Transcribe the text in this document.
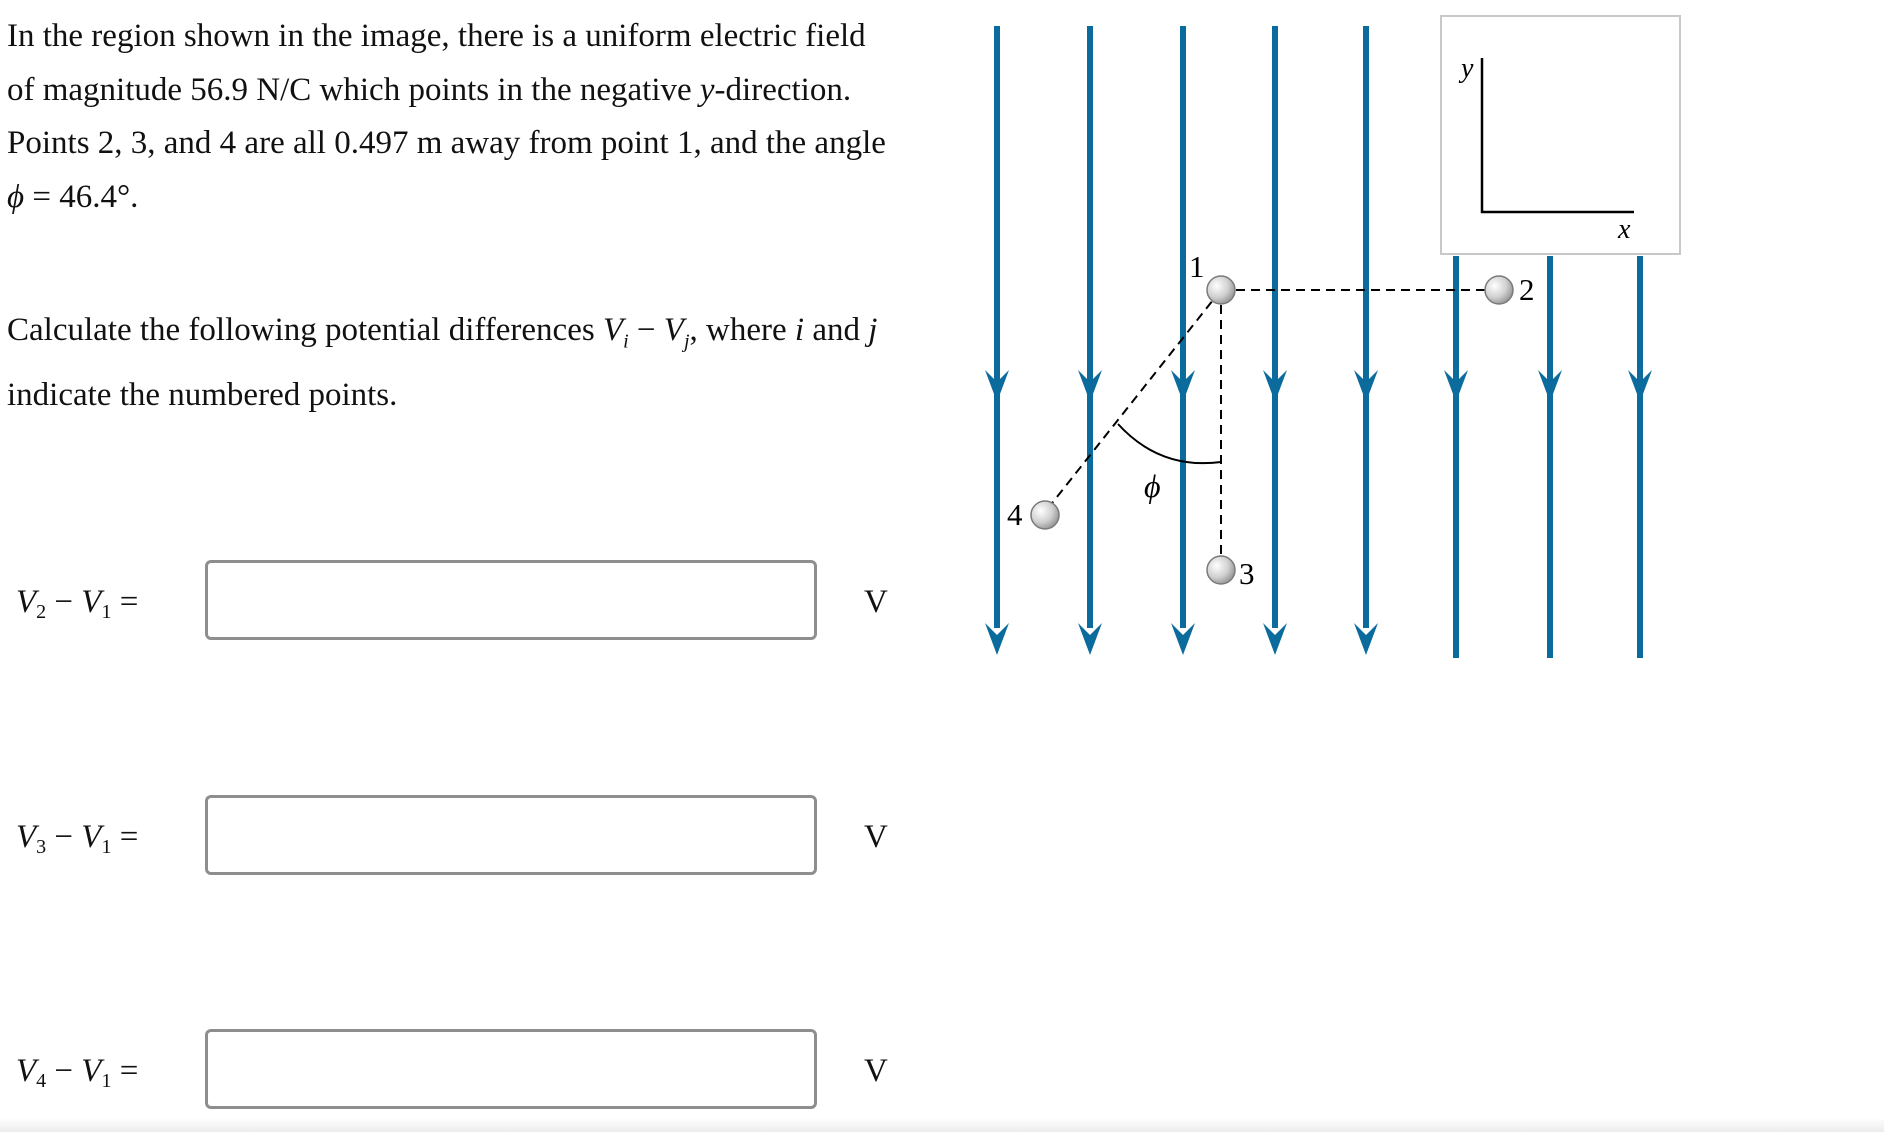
In the region shown in the image, there is a uniform electric field of magnitude 56.9 N/C which points in the negative y-direction. Points 2, 3, and 4 are all 0.497 m away from point 1, and the angle ϕ = 46.4°.

Calculate the following potential differences $V_i - V_j$, where i and j indicate the numbered points.

$V_2 - V_1$ =	V
$V_3 - V_1$ =	V
$V_4 - V_1$ =	V
y
x
ϕ
1
2
3
4
